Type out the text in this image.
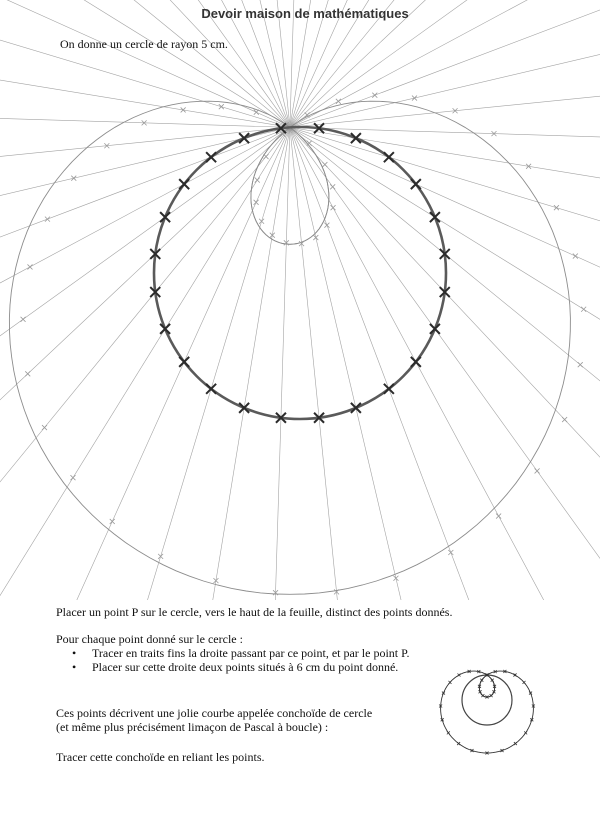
Devoir maison de mathématiques
On donne un cercle de rayon 5 cm.
Placer un point P sur le cercle, vers le haut de la feuille, distinct des points donnés.
Pour chaque point donné sur le cercle :
• Tracer en traits fins la droite passant par ce point, et par le point P.
• Placer sur cette droite deux points situés à 6 cm du point donné.
Ces points décrivent une jolie courbe appelée conchoïde de cercle
(et même plus précisément limaçon de Pascal à boucle) :
Tracer cette conchoïde en reliant les points.
